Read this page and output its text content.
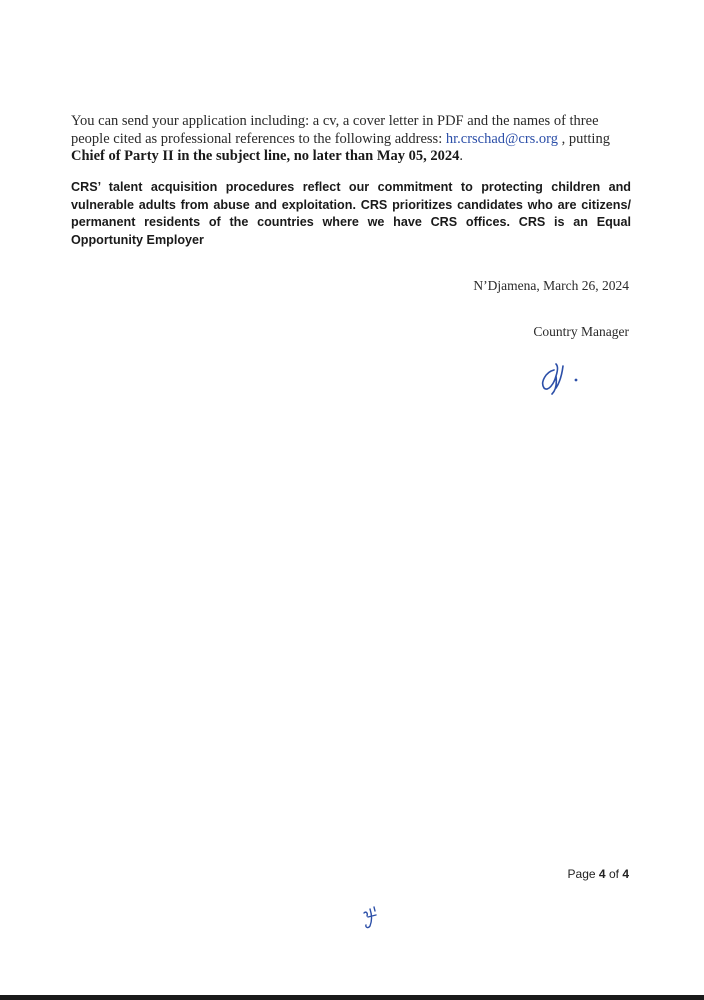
You can send your application including: a cv, a cover letter in PDF and the names of three people cited as professional references to the following address: hr.crschad@crs.org , putting Chief of Party II in the subject line, no later than May 05, 2024.
CRS’ talent acquisition procedures reflect our commitment to protecting children and vulnerable adults from abuse and exploitation. CRS prioritizes candidates who are citizens/ permanent residents of the countries where we have CRS offices. CRS is an Equal Opportunity Employer
N’Djamena, March 26, 2024
Country Manager
Page 4 of 4
